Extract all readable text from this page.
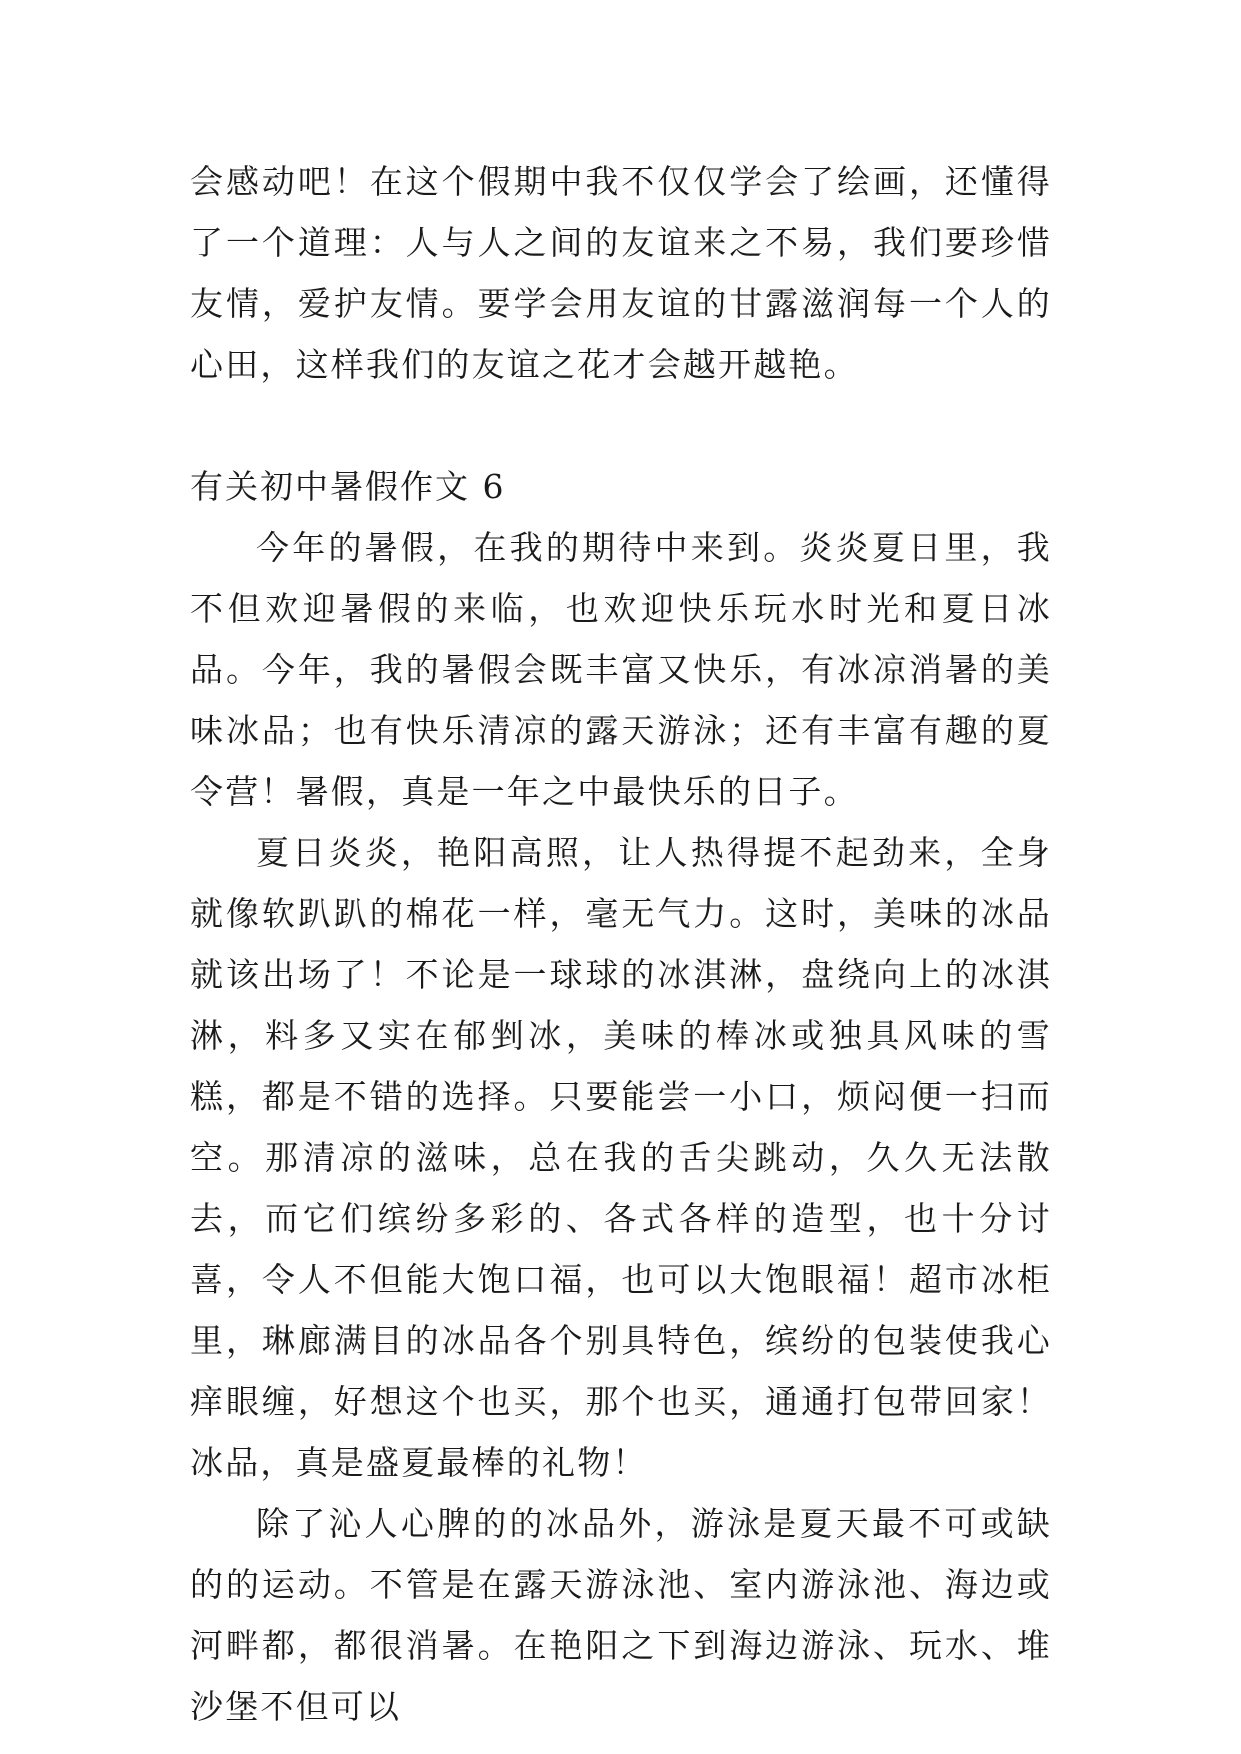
会感动吧！在这个假期中我不仅仅学会了绘画，还懂得了一个道理：人与人之间的友谊来之不易，我们要珍惜友情，爱护友情。要学会用友谊的甘露滋润每一个人的心田，这样我们的友谊之花才会越开越艳。

有关初中暑假作文 6

今年的暑假，在我的期待中来到。炎炎夏日里，我不但欢迎暑假的来临，也欢迎快乐玩水时光和夏日冰品。今年，我的暑假会既丰富又快乐，有冰凉消暑的美味冰品；也有快乐清凉的露天游泳；还有丰富有趣的夏令营！暑假，真是一年之中最快乐的日子。

夏日炎炎，艳阳高照，让人热得提不起劲来，全身就像软趴趴的棉花一样，毫无气力。这时，美味的冰品就该出场了！不论是一球球的冰淇淋，盘绕向上的冰淇淋，料多又实在郁剉冰，美味的棒冰或独具风味的雪糕，都是不错的选择。只要能尝一小口，烦闷便一扫而空。那清凉的滋味，总在我的舌尖跳动，久久无法散去，而它们缤纷多彩的、各式各样的造型，也十分讨喜，令人不但能大饱口福，也可以大饱眼福！超市冰柜里，琳廊满目的冰品各个别具特色，缤纷的包装使我心痒眼缠，好想这个也买，那个也买，通通打包带回家！冰品，真是盛夏最棒的礼物！

除了沁人心脾的的冰品外，游泳是夏天最不可或缺的的运动。不管是在露天游泳池、室内游泳池、海边或河畔都，都很消暑。在艳阳之下到海边游泳、玩水、堆沙堡不但可以
